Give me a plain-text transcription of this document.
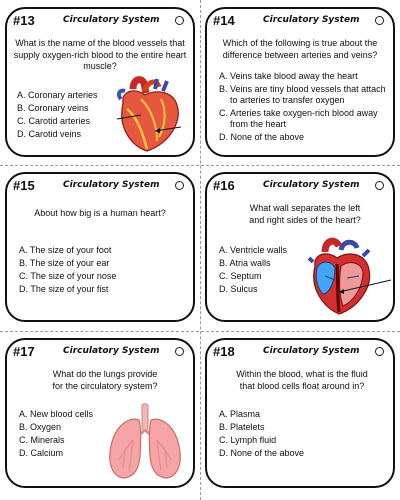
#13	Circulatory System
What is the name of the blood vessels that supply oxygen-rich blood to the entire heart muscle?
A. Coronary arteries
B. Coronary veins
C. Carotid arteries
D. Carotid veins
#14	Circulatory System
Which of the following is true about the difference between arteries and veins?
A. Veins take blood away the heart
B. Veins are tiny blood vessels that attach to arteries to transfer oxygen
C. Arteries take oxygen-rich blood away from the heart
D. None of the above
#15	Circulatory System
About how big is a human heart?
A. The size of your foot
B. The size of your ear
C. The size of your nose
D. The size of your fist
#16	Circulatory System
What wall separates the left and right sides of the heart?
A. Ventricle walls
B. Atria walls
C. Septum
D. Sulcus
#17	Circulatory System
What do the lungs provide for the circulatory system?
A. New blood cells
B. Oxygen
C. Minerals
D. Calcium
#18	Circulatory System
Within the blood, what is the fluid that blood cells float around in?
A. Plasma
B. Platelets
C. Lymph fluid
D. None of the above
